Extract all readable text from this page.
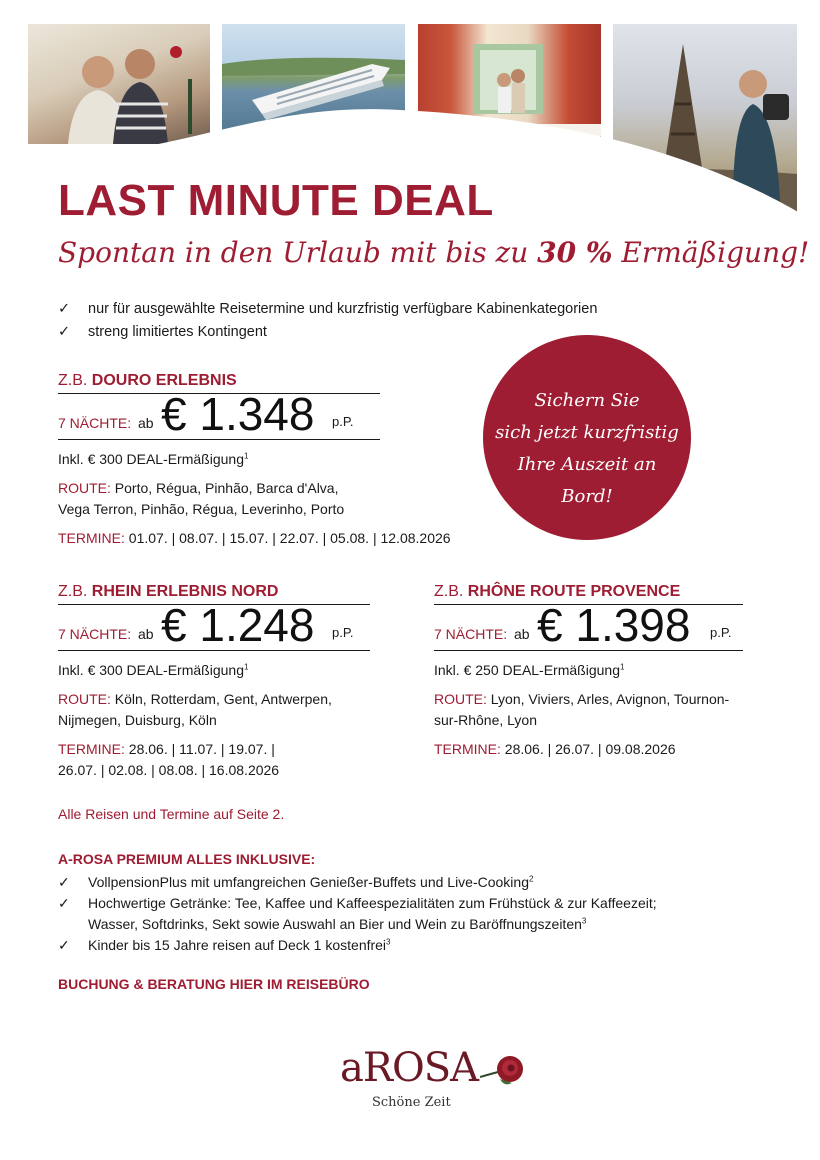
LAST MINUTE DEAL
Spontan in den Urlaub mit bis zu 30 % Ermäßigung!
✓ nur für ausgewählte Reisetermine und kurzfristig verfügbare Kabinenkategorien
✓ streng limitiertes Kontingent
Z.B. DOURO ERLEBNIS
7 NÄCHTE: ab € 1.348 p.P.
Inkl. € 300 DEAL-Ermäßigung$^1$
ROUTE: Porto, Régua, Pinhão, Barca d'Alva,
Vega Terron, Pinhão, Régua, Leverinho, Porto
TERMINE: 01.07. | 08.07. | 15.07. | 22.07. | 05.08. | 12.08.2026
Sichern Sie
sich jetzt kurzfristig
Ihre Auszeit an
Bord!
Z.B. RHEIN ERLEBNIS NORD
7 NÄCHTE: ab € 1.248 p.P.
Inkl. € 300 DEAL-Ermäßigung$^1$
ROUTE: Köln, Rotterdam, Gent, Antwerpen,
Nijmegen, Duisburg, Köln
TERMINE: 28.06. | 11.07. | 19.07. |
26.07. | 02.08. | 08.08. | 16.08.2026
Z.B. RHÔNE ROUTE PROVENCE
7 NÄCHTE: ab € 1.398 p.P.
Inkl. € 250 DEAL-Ermäßigung$^1$
ROUTE: Lyon, Viviers, Arles, Avignon, Tournon-
sur-Rhône, Lyon
TERMINE: 28.06. | 26.07. | 09.08.2026
Alle Reisen und Termine auf Seite 2.
A-ROSA PREMIUM ALLES INKLUSIVE:
✓ VollpensionPlus mit umfangreichen Genießer-Buffets und Live-Cooking$^2$
✓ Hochwertige Getränke: Tee, Kaffee und Kaffeespezialitäten zum Frühstück & zur Kaffeezeit;
Wasser, Softdrinks, Sekt sowie Auswahl an Bier und Wein zu Baröffnungszeiten$^3$
✓ Kinder bis 15 Jahre reisen auf Deck 1 kostenfrei$^3$
BUCHUNG & BERATUNG HIER IM REISEBÜRO
aROSA
Schöne Zeit
